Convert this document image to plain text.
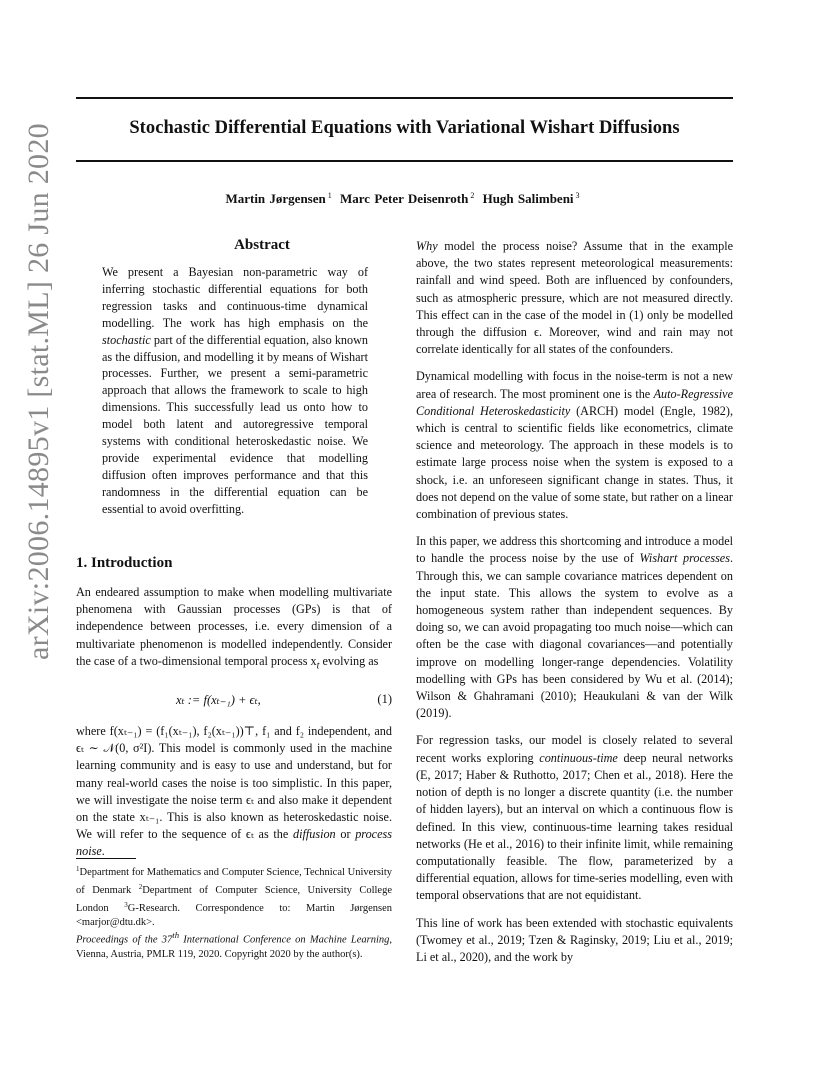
arXiv:2006.14895v1 [stat.ML] 26 Jun 2020	Stochastic Differential Equations with Variational Wishart Diffusions
Martin Jørgensen $^1$ Marc Peter Deisenroth $^2$ Hugh Salimbeni $^3$
Abstract
We present a Bayesian non-parametric way of inferring stochastic differential equations for both regression tasks and continuous-time dynamical modelling. The work has high emphasis on the stochastic part of the differential equation, also known as the diffusion, and modelling it by means of Wishart processes. Further, we present a semi-parametric approach that allows the framework to scale to high dimensions. This successfully lead us onto how to model both latent and autoregressive temporal systems with conditional heteroskedastic noise. We provide experimental evidence that modelling diffusion often improves performance and that this randomness in the differential equation can be essential to avoid overfitting.
1. Introduction
An endeared assumption to make when modelling multivariate phenomena with Gaussian processes (GPs) is that of independence between processes, i.e. every dimension of a multivariate phenomenon is modelled independently. Consider the case of a two-dimensional temporal process $x_t$ evolving as
xₜ := f(xₜ₋₁) + ϵₜ,	(1)
where f(xₜ₋₁) = (f₁(xₜ₋₁), f₂(xₜ₋₁))⊤, f₁ and f₂ independent, and ϵₜ ∼ 𝒩(0, σ²I). This model is commonly used in the machine learning community and is easy to use and understand, but for many real-world cases the noise is too simplistic. In this paper, we will investigate the noise term ϵₜ and also make it dependent on the state xₜ₋₁. This is also known as heteroskedastic noise. We will refer to the sequence of ϵₜ as the diffusion or process noise.
$^1$Department for Mathematics and Computer Science, Technical University of Denmark $^2$Department of Computer Science, University College London $^3$G-Research. Correspondence to: Martin Jørgensen <marjor@dtu.dk>.
Proceedings of the 37th International Conference on Machine Learning, Vienna, Austria, PMLR 119, 2020. Copyright 2020 by the author(s).

Why model the process noise? Assume that in the example above, the two states represent meteorological measurements: rainfall and wind speed. Both are influenced by confounders, such as atmospheric pressure, which are not measured directly. This effect can in the case of the model in (1) only be modelled through the diffusion ϵ. Moreover, wind and rain may not correlate identically for all states of the confounders.

Dynamical modelling with focus in the noise-term is not a new area of research. The most prominent one is the Auto-Regressive Conditional Heteroskedasticity (ARCH) model (Engle, 1982), which is central to scientific fields like econometrics, climate science and meteorology. The approach in these models is to estimate large process noise when the system is exposed to a shock, i.e. an unforeseen significant change in states. Thus, it does not depend on the value of some state, but rather on a linear combination of previous states.

In this paper, we address this shortcoming and introduce a model to handle the process noise by the use of Wishart processes. Through this, we can sample covariance matrices dependent on the input state. This allows the system to evolve as a homogeneous system rather than independent sequences. By doing so, we can avoid propagating too much noise—which can often be the case with diagonal covariances—and potentially improve on modelling longer-range dependencies. Volatility modelling with GPs has been considered by Wu et al. (2014); Wilson & Ghahramani (2010); Heaukulani & van der Wilk (2019).

For regression tasks, our model is closely related to several recent works exploring continuous-time deep neural networks (E, 2017; Haber & Ruthotto, 2017; Chen et al., 2018). Here the notion of depth is no longer a discrete quantity (i.e. the number of hidden layers), but an interval on which a continuous flow is defined. In this view, continuous-time learning takes residual networks (He et al., 2016) to their infinite limit, while remaining computationally feasible. The flow, parameterized by a differential equation, allows for time-series modelling, even with temporal observations that are not equidistant.

This line of work has been extended with stochastic equivalents (Twomey et al., 2019; Tzen & Raginsky, 2019; Liu et al., 2019; Li et al., 2020), and the work by
